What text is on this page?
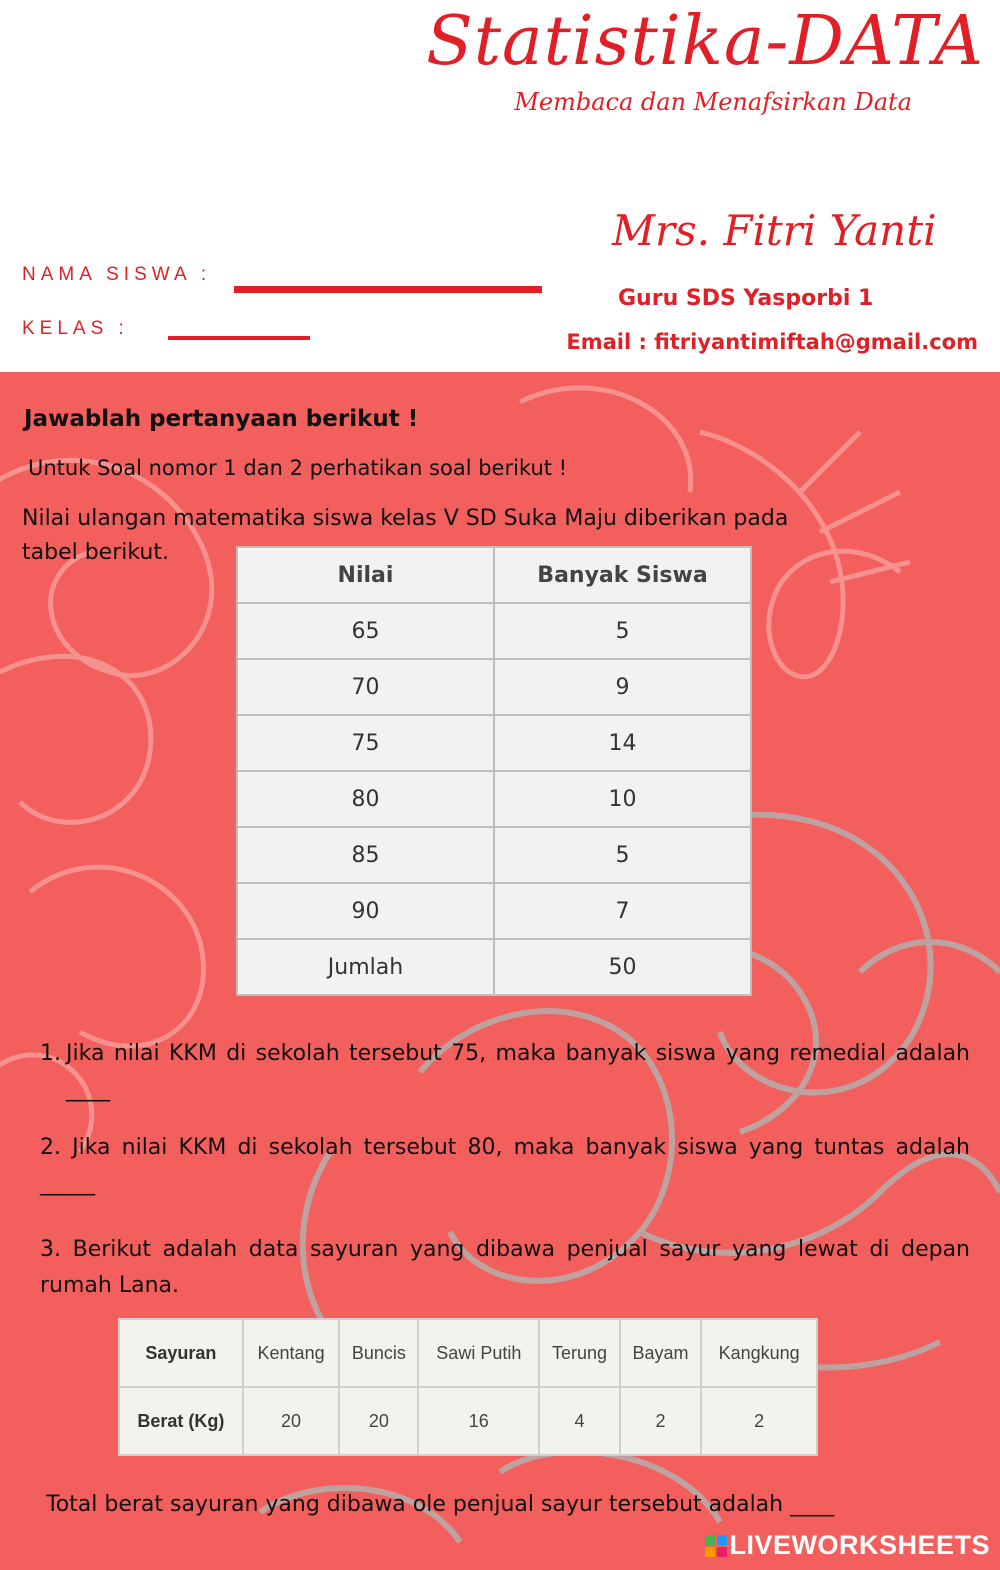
Statistika-DATA
Membaca dan Menafsirkan Data
NAMA SISWA :
KELAS :
Mrs. Fitri Yanti
Guru SDS Yasporbi 1
Email : fitriyantimiftah@gmail.com
Jawablah pertanyaan berikut !
Untuk Soal nomor 1 dan 2 perhatikan soal berikut !
Nilai ulangan matematika siswa kelas V SD Suka Maju diberikan pada
tabel berikut.
Nilai	Banyak Siswa
65	5
70	9
75	14
80	10
85	5
90	7
Jumlah	50
1. Jika nilai KKM di sekolah tersebut 75, maka banyak siswa yang remedial adalah ____
2. Jika nilai KKM di sekolah tersebut 80, maka banyak siswa yang tuntas adalah _____
3. Berikut adalah data sayuran yang dibawa penjual sayur yang lewat di depan rumah Lana.
Sayuran	Kentang	Buncis	Sawi Putih	Terung	Bayam	Kangkung
Berat (Kg)	20	20	16	4	2	2
Total berat sayuran yang dibawa ole penjual sayur tersebut adalah ____
LIVEWORKSHEETS
